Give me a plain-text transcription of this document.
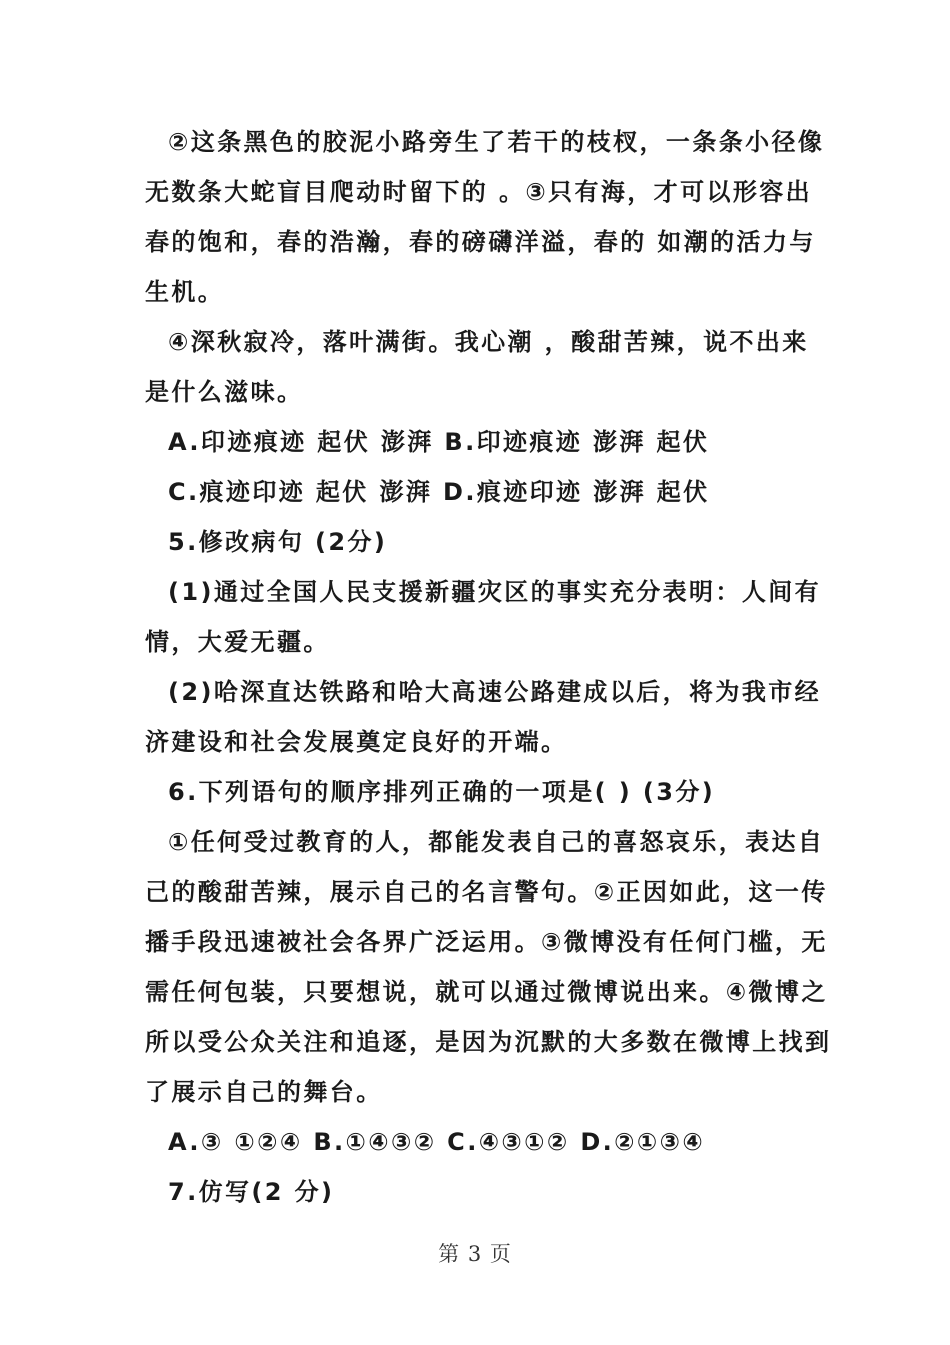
②这条黑色的胶泥小路旁生了若干的枝杈，一条条小径像
无数条大蛇盲目爬动时留下的 。③只有海，才可以形容出
春的饱和，春的浩瀚，春的磅礴洋溢，春的 如潮的活力与
生机。
④深秋寂冷，落叶满街。我心潮 ，酸甜苦辣，说不出来
是什么滋味。
A.印迹痕迹 起伏 澎湃 B.印迹痕迹 澎湃 起伏
C.痕迹印迹 起伏 澎湃 D.痕迹印迹 澎湃 起伏
5.修改病句 (2分)
(1)通过全国人民支援新疆灾区的事实充分表明：人间有
情，大爱无疆。
(2)哈深直达铁路和哈大高速公路建成以后，将为我市经
济建设和社会发展奠定良好的开端。
6.下列语句的顺序排列正确的一项是( ) (3分)
①任何受过教育的人，都能发表自己的喜怒哀乐，表达自
己的酸甜苦辣，展示自己的名言警句。②正因如此，这一传
播手段迅速被社会各界广泛运用。③微博没有任何门槛，无
需任何包装，只要想说，就可以通过微博说出来。④微博之
所以受公众关注和追逐，是因为沉默的大多数在微博上找到
了展示自己的舞台。
A.③ ①②④ B.①④③② C.④③①② D.②①③④
7.仿写(2 分)
第 3 页
